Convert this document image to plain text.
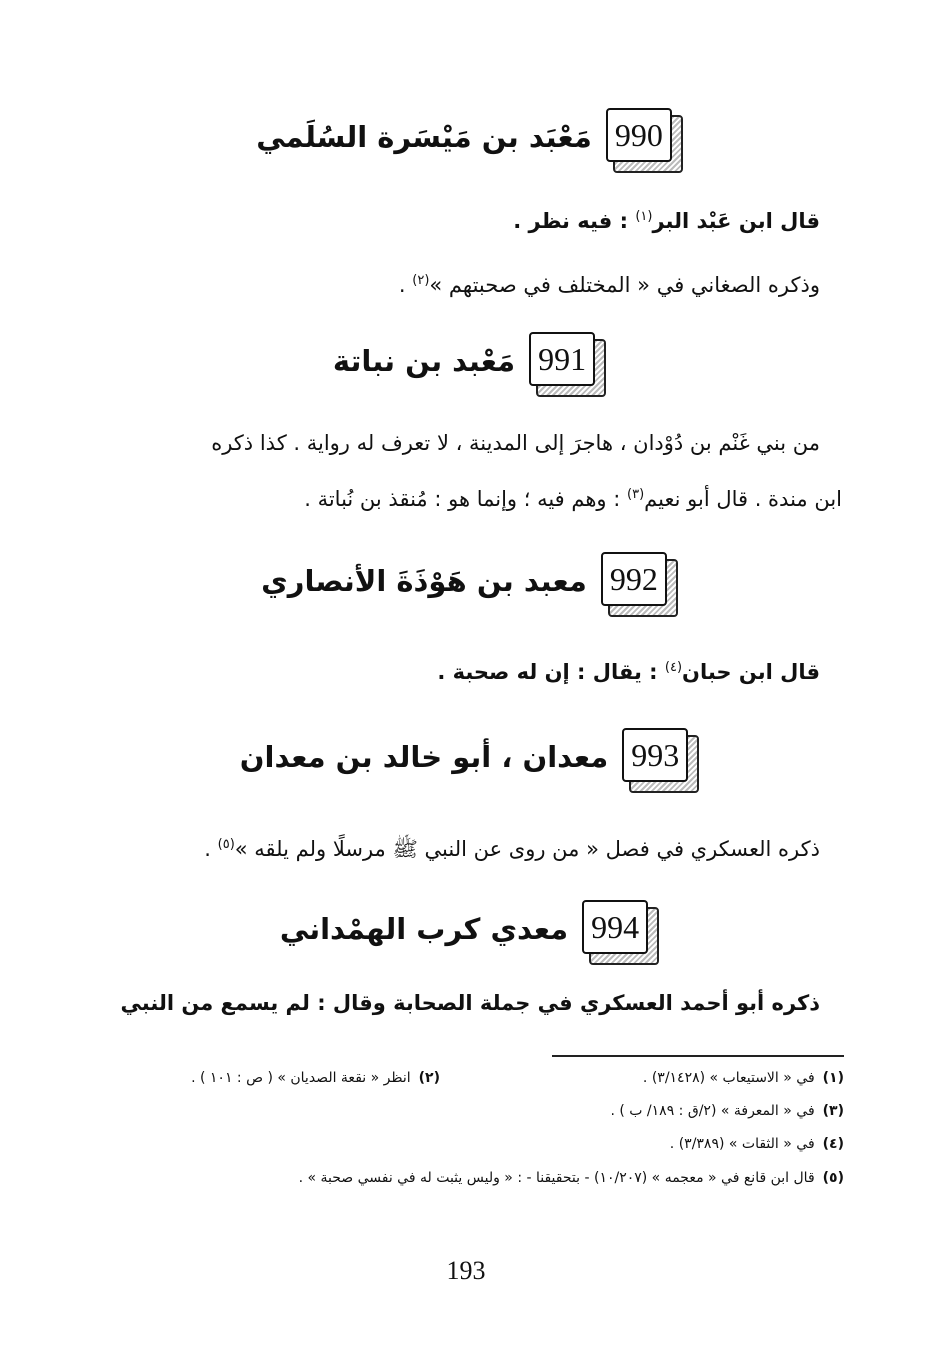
990
مَعْبَد بن مَيْسَرة السُلَمي
قال ابن عَبْد البر$^{(١)}$ : فيه نظر .
وذكره الصغاني في « المختلف في صحبتهم »$^{(٢)}$ .
991
مَعْبد بن نباتة
من بني غَنْم بن دُوْدان ، هاجرَ إلى المدينة ، لا تعرف له رواية . كذا ذكره
ابن مندة . قال أبو نعيم$^{(٣)}$ : وهم فيه ؛ وإنما هو : مُنقذ بن نُباتة .
992
معبد بن هَوْذَةَ الأنصاري
قال ابن حبان$^{(٤)}$ : يقال : إن له صحبة .
993
معدان ، أبو خالد بن معدان
ذكره العسكري في فصل « من روى عن النبي ﷺ مرسلًا ولم يلقه »$^{(٥)}$ .
994
معدي كرب الهمْداني
ذكره أبو أحمد العسكري في جملة الصحابة وقال : لم يسمع من النبي
(١)في « الاستيعاب » (٣/١٤٢٨) .
(٢)انظر « نقعة الصديان » ( ص : ١٠١ ) .
(٣)في « المعرفة » (٢/ق : ١٨٩/ ب ) .
(٤)في « الثقات » (٣/٣٨٩) .
(٥)قال ابن قانع في « معجمه » (١٠/٢٠٧) - بتحقيقنا - : « وليس يثبت له في نفسي صحبة » .
193
